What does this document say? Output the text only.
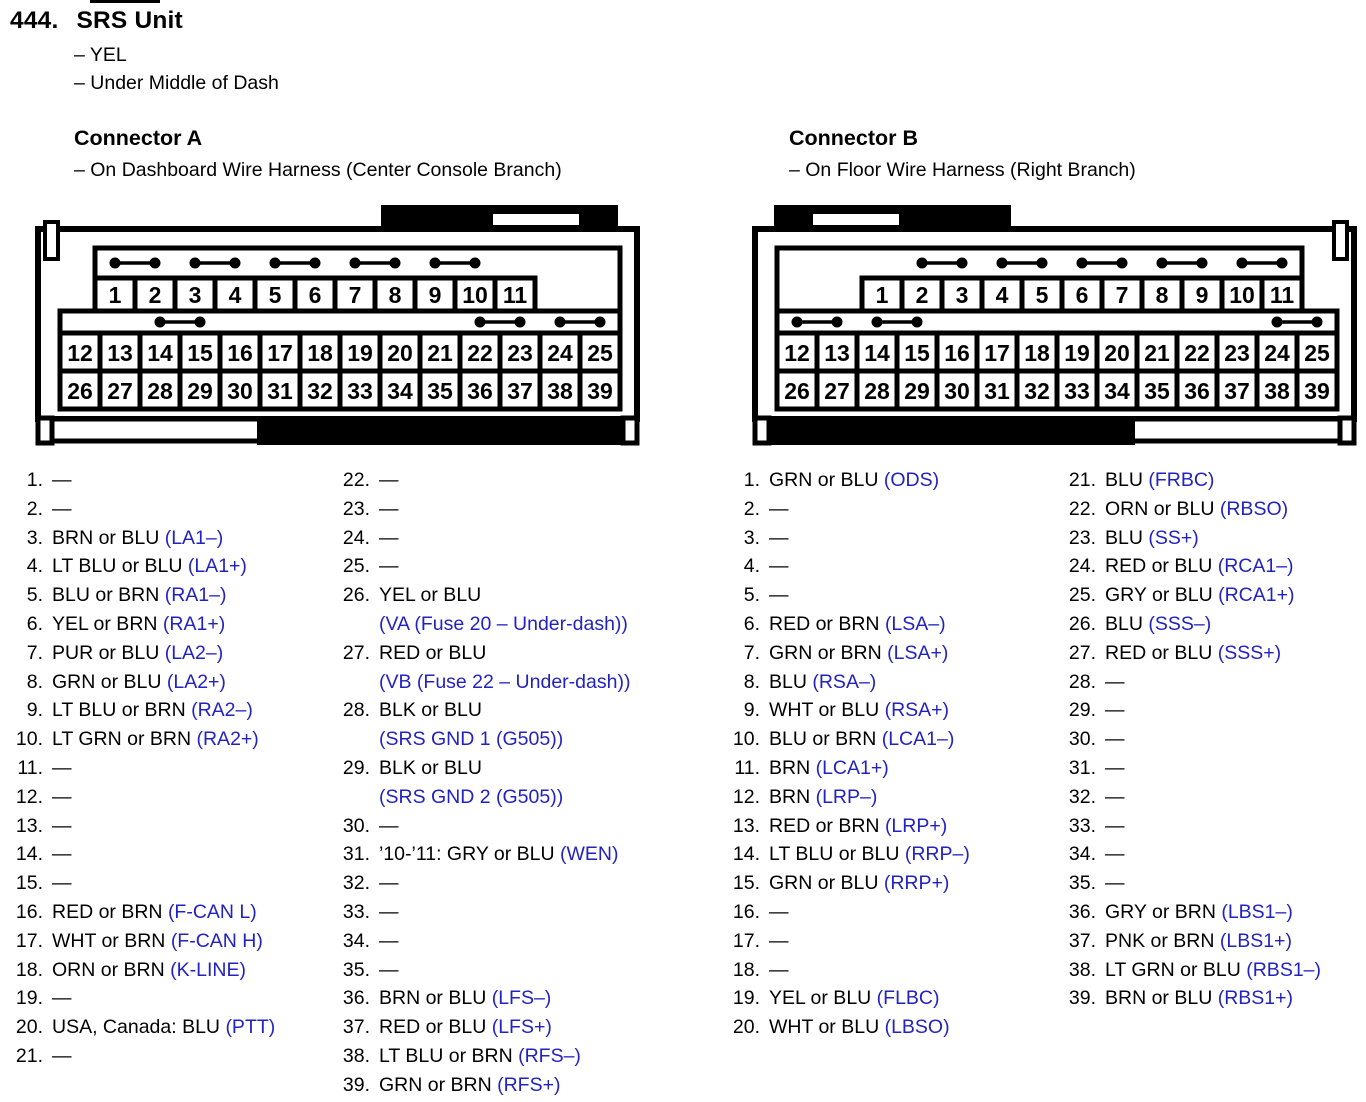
444. SRS Unit
– YEL
– Under Middle of Dash
Connector A
– On Dashboard Wire Harness (Center Console Branch)
Connector B
– On Floor Wire Harness (Right Branch)
1 2 3 4 5 6 7 8 9 10 11
12 13 14 15 16 17 18 19 20 21 22 23 24 25
26 27 28 29 30 31 32 33 34 35 36 37 38 39
1 2 3 4 5 6 7 8 9 10 11
12 13 14 15 16 17 18 19 20 21 22 23 24 25
26 27 28 29 30 31 32 33 34 35 36 37 38 39
1. —
2. —
3. BRN or BLU (LA1–)
4. LT BLU or BLU (LA1+)
5. BLU or BRN (RA1–)
6. YEL or BRN (RA1+)
7. PUR or BLU (LA2–)
8. GRN or BLU (LA2+)
9. LT BLU or BRN (RA2–)
10. LT GRN or BRN (RA2+)
11. —
12. —
13. —
14. —
15. —
16. RED or BRN (F-CAN L)
17. WHT or BRN (F-CAN H)
18. ORN or BRN (K-LINE)
19. —
20. USA, Canada: BLU (PTT)
21. —
22. —
23. —
24. —
25. —
26. YEL or BLU
(VA (Fuse 20 – Under-dash))
27. RED or BLU
(VB (Fuse 22 – Under-dash))
28. BLK or BLU
(SRS GND 1 (G505))
29. BLK or BLU
(SRS GND 2 (G505))
30. —
31. ’10-’11: GRY or BLU (WEN)
32. —
33. —
34. —
35. —
36. BRN or BLU (LFS–)
37. RED or BLU (LFS+)
38. LT BLU or BRN (RFS–)
39. GRN or BRN (RFS+)
1. GRN or BLU (ODS)
2. —
3. —
4. —
5. —
6. RED or BRN (LSA–)
7. GRN or BRN (LSA+)
8. BLU (RSA–)
9. WHT or BLU (RSA+)
10. BLU or BRN (LCA1–)
11. BRN (LCA1+)
12. BRN (LRP–)
13. RED or BRN (LRP+)
14. LT BLU or BLU (RRP–)
15. GRN or BLU (RRP+)
16. —
17. —
18. —
19. YEL or BLU (FLBC)
20. WHT or BLU (LBSO)
21. BLU (FRBC)
22. ORN or BLU (RBSO)
23. BLU (SS+)
24. RED or BLU (RCA1–)
25. GRY or BLU (RCA1+)
26. BLU (SSS–)
27. RED or BLU (SSS+)
28. —
29. —
30. —
31. —
32. —
33. —
34. —
35. —
36. GRY or BRN (LBS1–)
37. PNK or BRN (LBS1+)
38. LT GRN or BLU (RBS1–)
39. BRN or BLU (RBS1+)
